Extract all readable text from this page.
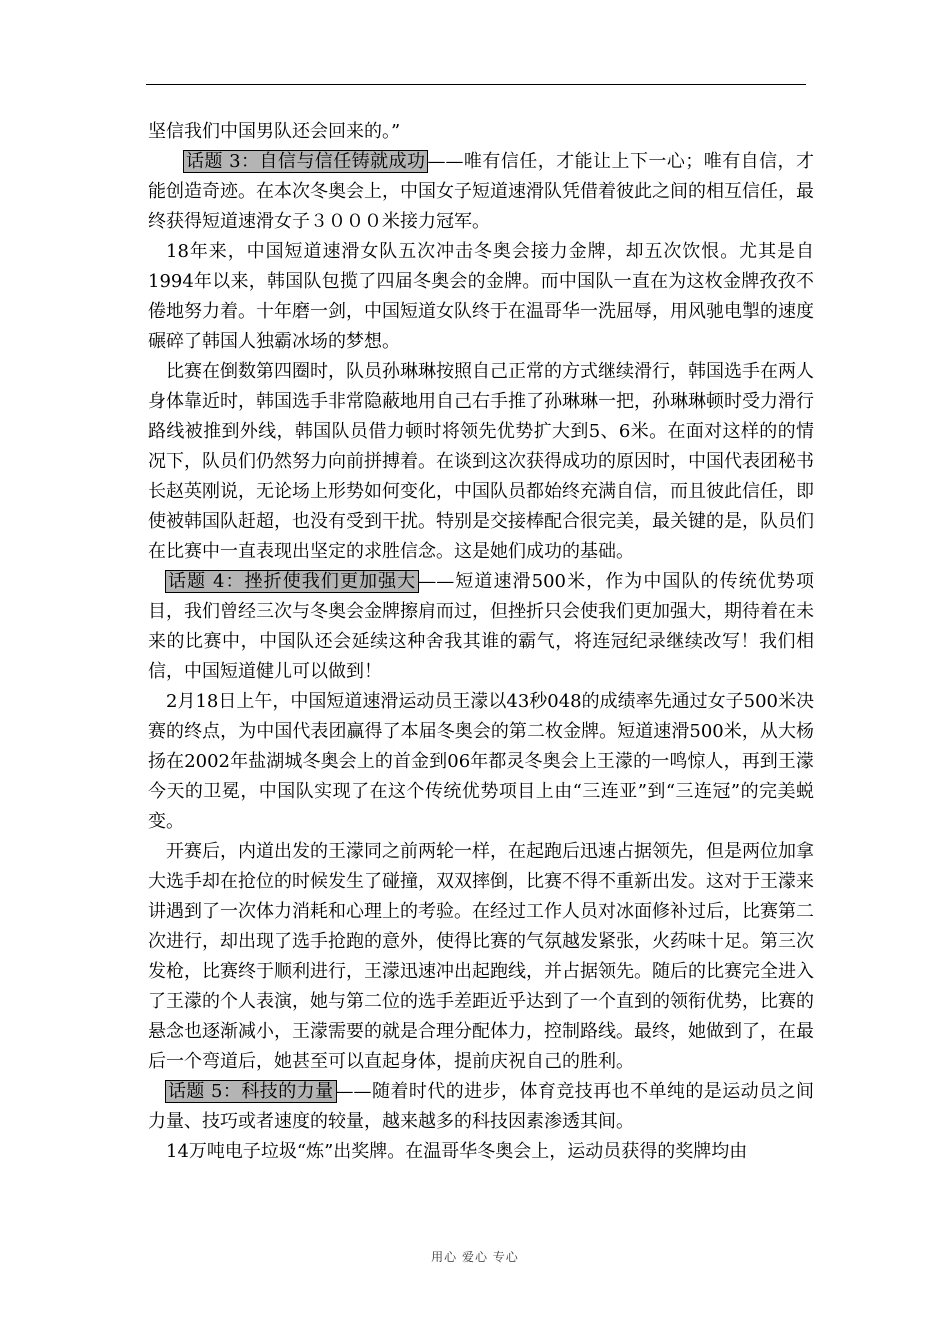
坚信我们中国男队还会回来的。”

话题 3：自信与信任铸就成功 ——唯有信任，才能让上下一心；唯有自信，才能创造奇迹。在本次冬奥会上，中国女子短道速滑队凭借着彼此之间的相互信任，最终获得短道速滑女子３０００米接力冠军。

18年来，中国短道速滑女队五次冲击冬奥会接力金牌，却五次饮恨。尤其是自1994年以来，韩国队包揽了四届冬奥会的金牌。而中国队一直在为这枚金牌孜孜不倦地努力着。十年磨一剑，中国短道女队终于在温哥华一洗屈辱，用风驰电掣的速度碾碎了韩国人独霸冰场的梦想。

比赛在倒数第四圈时，队员孙琳琳按照自己正常的方式继续滑行，韩国选手在两人身体靠近时，韩国选手非常隐蔽地用自己右手推了孙琳琳一把，孙琳琳顿时受力滑行路线被推到外线，韩国队员借力顿时将领先优势扩大到5、6米。在面对这样的的情况下，队员们仍然努力向前拼搏着。在谈到这次获得成功的原因时，中国代表团秘书长赵英刚说，无论场上形势如何变化，中国队员都始终充满自信，而且彼此信任，即使被韩国队赶超，也没有受到干扰。特别是交接棒配合很完美，最关键的是，队员们在比赛中一直表现出坚定的求胜信念。这是她们成功的基础。

话题 4：挫折使我们更加强大 ——短道速滑500米，作为中国队的传统优势项目，我们曾经三次与冬奥会金牌擦肩而过，但挫折只会使我们更加强大，期待着在未来的比赛中，中国队还会延续这种舍我其谁的霸气，将连冠纪录继续改写！我们相信，中国短道健儿可以做到！

2月18日上午，中国短道速滑运动员王濛以43秒048的成绩率先通过女子500米决赛的终点，为中国代表团赢得了本届冬奥会的第二枚金牌。短道速滑500米，从大杨扬在2002年盐湖城冬奥会上的首金到06年都灵冬奥会上王濛的一鸣惊人，再到王濛今天的卫冕，中国队实现了在这个传统优势项目上由“三连亚”到“三连冠”的完美蜕变。

开赛后，内道出发的王濛同之前两轮一样，在起跑后迅速占据领先，但是两位加拿大选手却在抢位的时候发生了碰撞，双双摔倒，比赛不得不重新出发。这对于王濛来讲遇到了一次体力消耗和心理上的考验。在经过工作人员对冰面修补过后，比赛第二次进行，却出现了选手抢跑的意外，使得比赛的气氛越发紧张，火药味十足。第三次发枪，比赛终于顺利进行，王濛迅速冲出起跑线，并占据领先。随后的比赛完全进入了王濛的个人表演，她与第二位的选手差距近乎达到了一个直到的领衔优势，比赛的悬念也逐渐减小，王濛需要的就是合理分配体力，控制路线。最终，她做到了，在最后一个弯道后，她甚至可以直起身体，提前庆祝自己的胜利。

话题 5：科技的力量 ——随着时代的进步，体育竞技再也不单纯的是运动员之间力量、技巧或者速度的较量，越来越多的科技因素渗透其间。

14万吨电子垃圾“炼”出奖牌。在温哥华冬奥会上，运动员获得的奖牌均由

用心 爱心 专心
